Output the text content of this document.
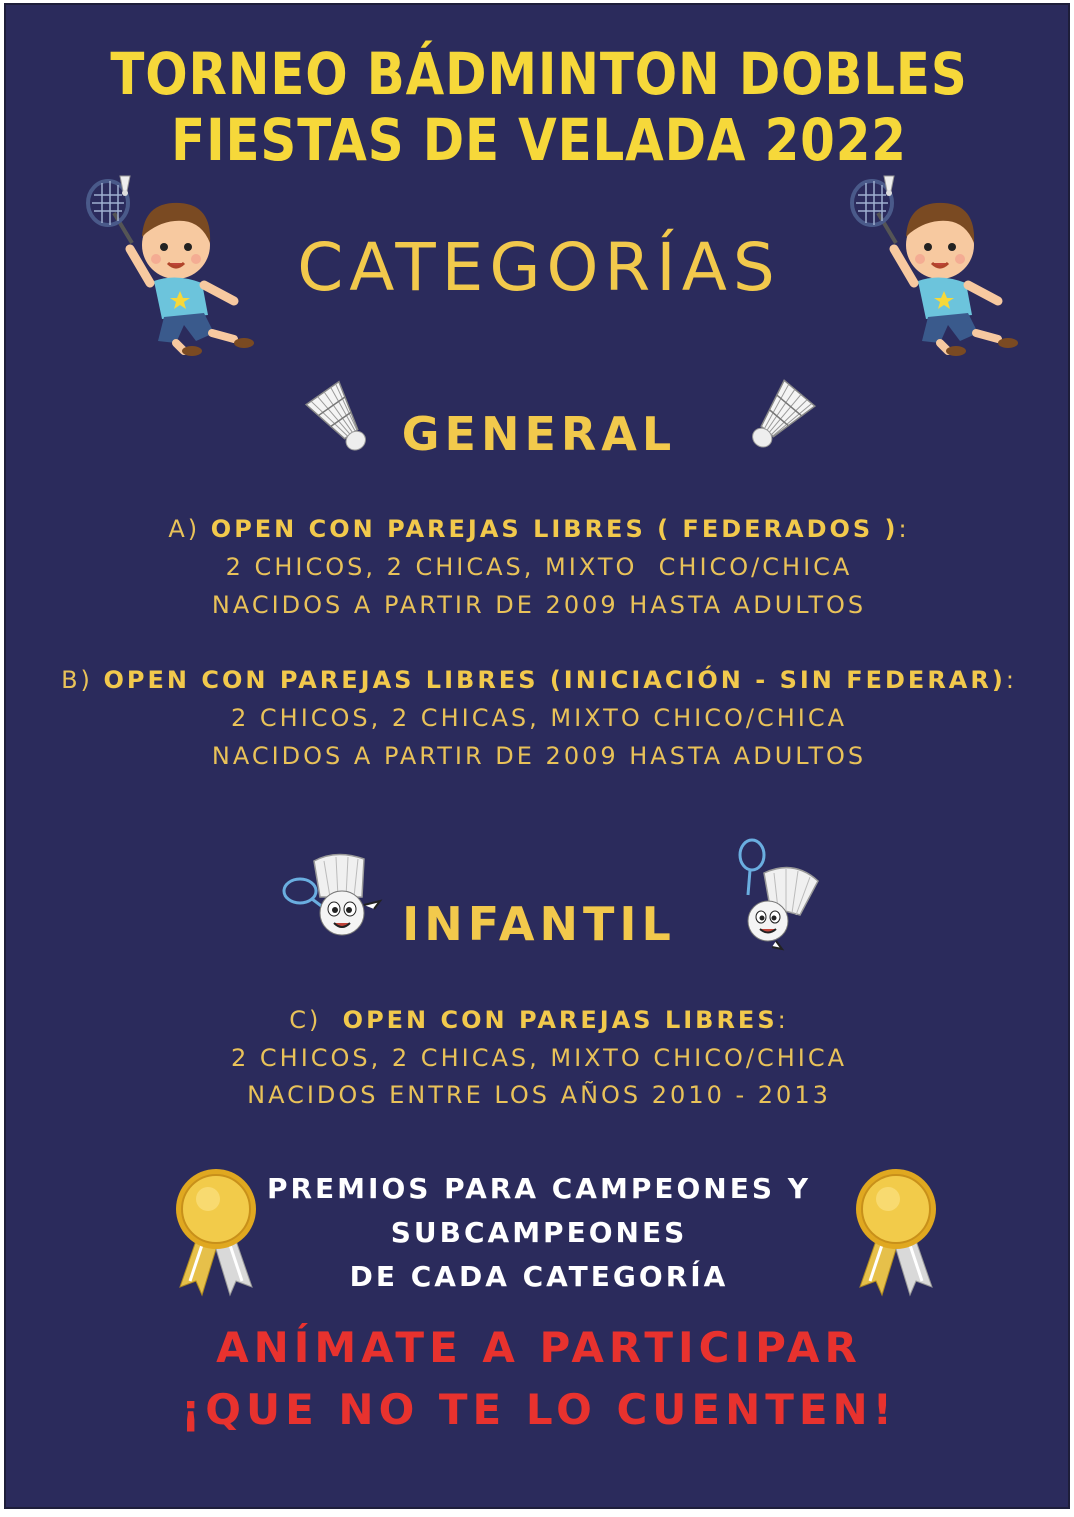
TORNEO BÁDMINTON DOBLES
FIESTAS DE VELADA 2022
CATEGORÍAS
GENERAL
A) OPEN CON PAREJAS LIBRES ( FEDERADOS ):
2 CHICOS, 2 CHICAS, MIXTO  CHICO/CHICA
NACIDOS A PARTIR DE 2009 HASTA ADULTOS
B) OPEN CON PAREJAS LIBRES (INICIACIÓN - SIN FEDERAR):
2 CHICOS, 2 CHICAS, MIXTO CHICO/CHICA
NACIDOS A PARTIR DE 2009 HASTA ADULTOS
INFANTIL
C)  OPEN CON PAREJAS LIBRES:
2 CHICOS, 2 CHICAS, MIXTO CHICO/CHICA
NACIDOS ENTRE LOS AÑOS 2010 - 2013
PREMIOS PARA CAMPEONES Y
SUBCAMPEONES
DE CADA CATEGORÍA
ANÍMATE A PARTICIPAR
¡QUE NO TE LO CUENTEN!
